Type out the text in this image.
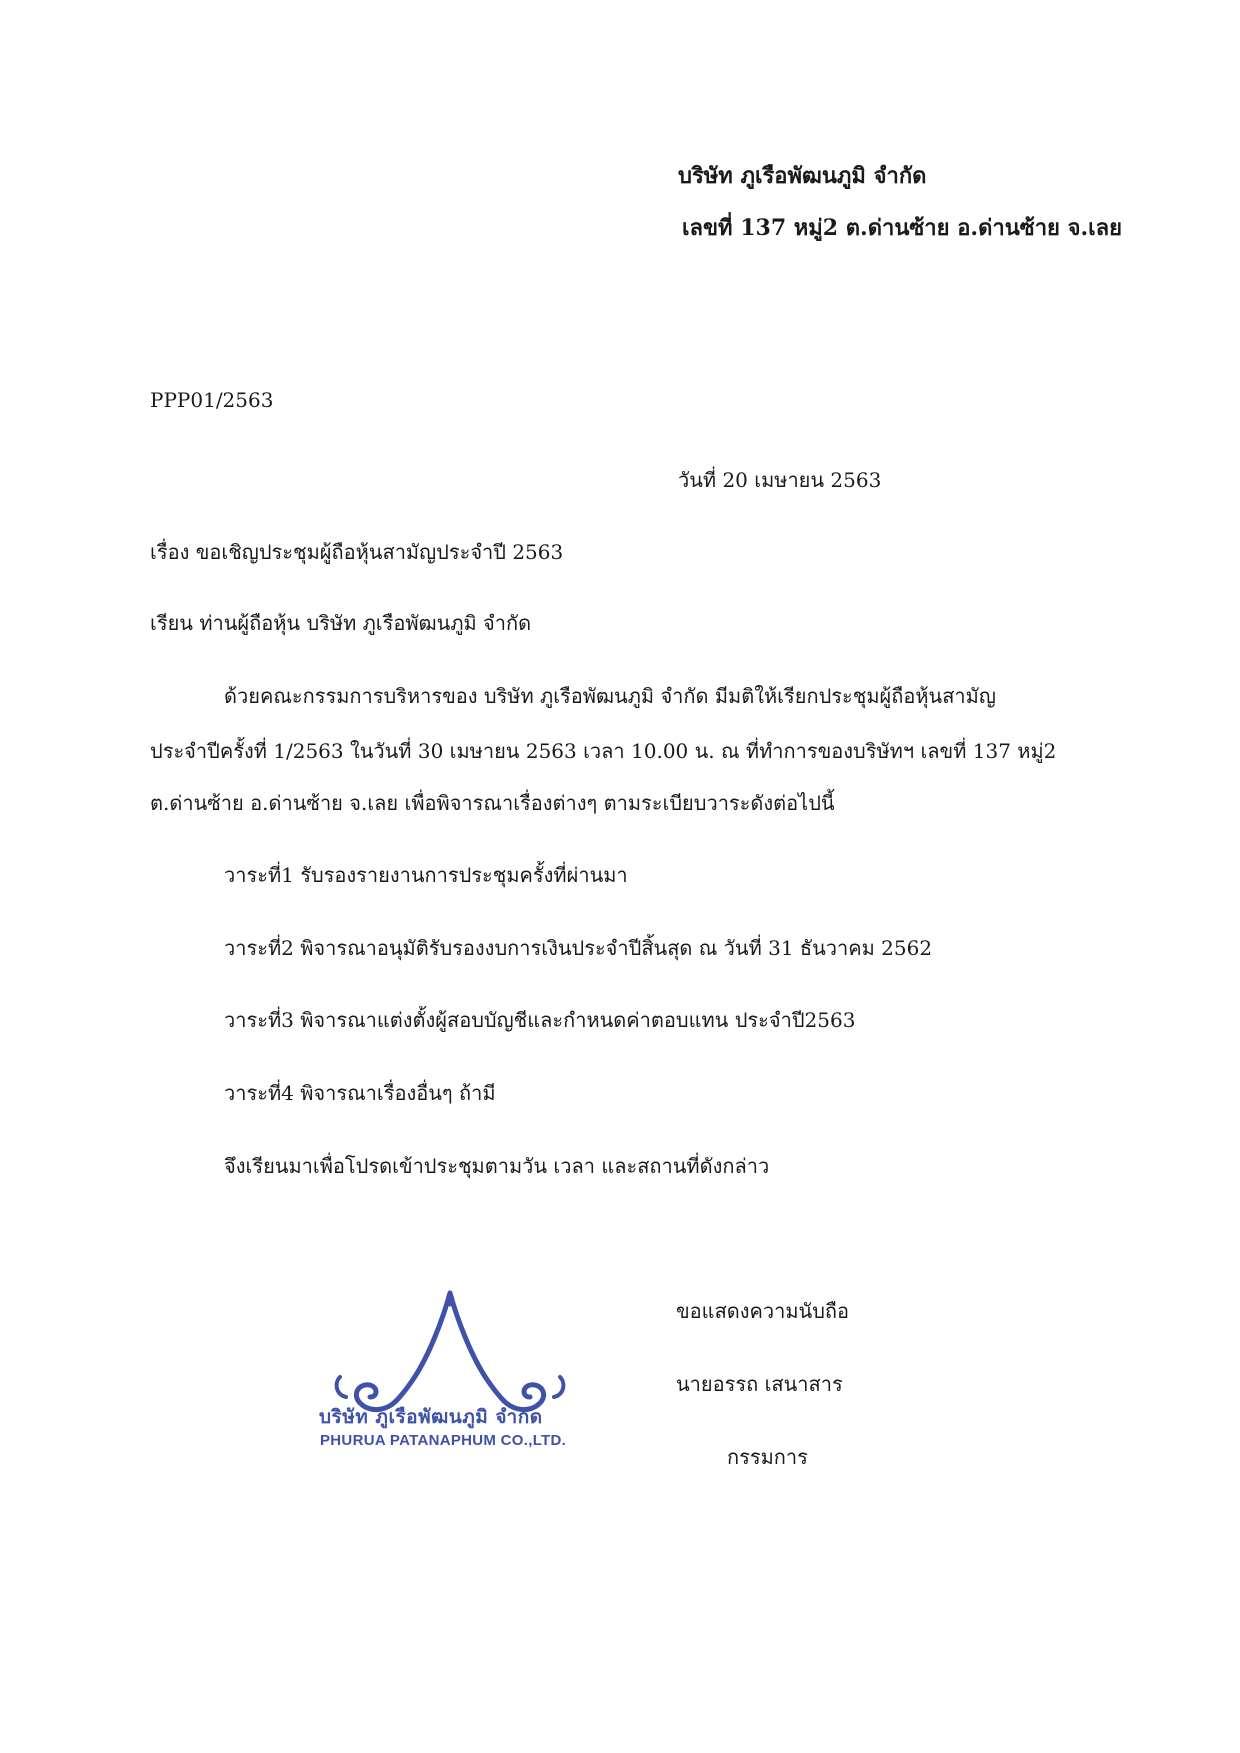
บริษัท ภูเรือพัฒนภูมิ จำกัด
เลขที่ 137 หมู่2 ต.ด่านซ้าย อ.ด่านซ้าย จ.เลย
PPP01/2563
วันที่ 20 เมษายน 2563
เรื่อง ขอเชิญประชุมผู้ถือหุ้นสามัญประจำปี 2563
เรียน ท่านผู้ถือหุ้น บริษัท ภูเรือพัฒนภูมิ จำกัด
ด้วยคณะกรรมการบริหารของ บริษัท ภูเรือพัฒนภูมิ จำกัด มีมติให้เรียกประชุมผู้ถือหุ้นสามัญ
ประจำปีครั้งที่ 1/2563 ในวันที่ 30 เมษายน 2563 เวลา 10.00 น. ณ ที่ทำการของบริษัทฯ เลขที่ 137 หมู่2
ต.ด่านซ้าย อ.ด่านซ้าย จ.เลย เพื่อพิจารณาเรื่องต่างๆ ตามระเบียบวาระดังต่อไปนี้
วาระที่1 รับรองรายงานการประชุมครั้งที่ผ่านมา
วาระที่2 พิจารณาอนุมัติรับรองงบการเงินประจำปีสิ้นสุด ณ วันที่ 31 ธันวาคม 2562
วาระที่3 พิจารณาแต่งตั้งผู้สอบบัญชีและกำหนดค่าตอบแทน ประจำปี2563
วาระที่4 พิจารณาเรื่องอื่นๆ ถ้ามี
จึงเรียนมาเพื่อโปรดเข้าประชุมตามวัน เวลา และสถานที่ดังกล่าว
บริษัท ภูเรือพัฒนภูมิ จำกัด
PHURUA PATANAPHUM CO.,LTD.
ขอแสดงความนับถือ
นายอรรถ เสนาสาร
กรรมการ
